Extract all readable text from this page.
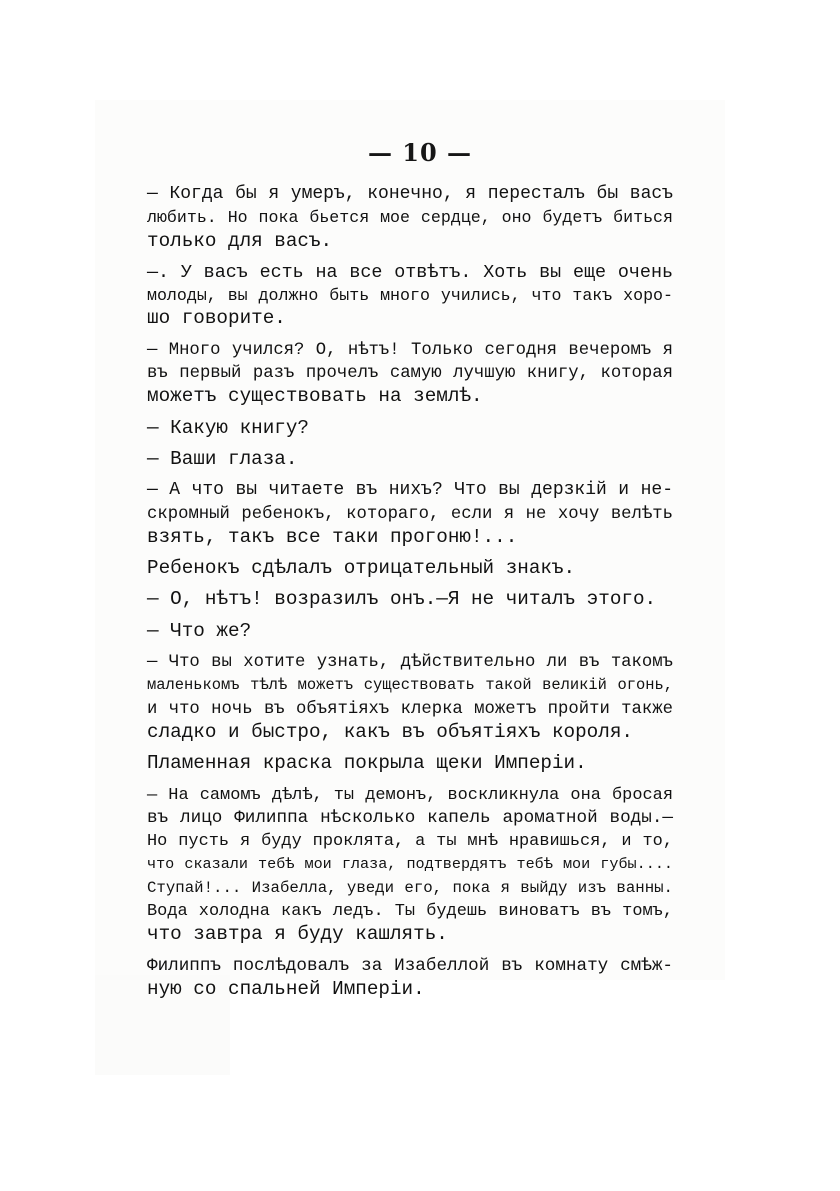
— 10 —
— Когда бы я умеръ, конечно, я пересталъ бы васъ
любить. Но пока бьется мое сердце, оно будетъ биться
только для васъ.
—. У васъ есть на все отвѣтъ. Хоть вы еще очень
молоды, вы должно быть много учились, что такъ хоро-
шо говорите.
— Много учился? О, нѣтъ! Только сегодня вечеромъ я
въ первый разъ прочелъ самую лучшую книгу, которая
можетъ существовать на землѣ.
— Какую книгу?
— Ваши глаза.
— А что вы читаете въ нихъ? Что вы дерзкій и не-
скромный ребенокъ, котораго, если я не хочу велѣть
взять, такъ все таки прогоню!...
Ребенокъ сдѣлалъ отрицательный знакъ.
— О, нѣтъ! возразилъ онъ.—Я не читалъ этого.
— Что же?
— Что вы хотите узнать, дѣйствительно ли въ такомъ
маленькомъ тѣлѣ можетъ существовать такой великій огонь,
и что ночь въ объятіяхъ клерка можетъ пройти также
сладко и быстро, какъ въ объятіяхъ короля.
Пламенная краска покрыла щеки Имперіи.
— На самомъ дѣлѣ, ты демонъ, воскликнула она бросая
въ лицо Филиппа нѣсколько капель ароматной воды.—
Но пусть я буду проклята, а ты мнѣ нравишься, и то,
что сказали тебѣ мои глаза, подтвердятъ тебѣ мои губы....
Ступай!... Изабелла, уведи его, пока я выйду изъ ванны.
Вода холодна какъ ледъ. Ты будешь виноватъ въ томъ,
что завтра я буду кашлять.
Филиппъ послѣдовалъ за Изабеллой въ комнату смѣж-
ную со спальней Имперіи.
